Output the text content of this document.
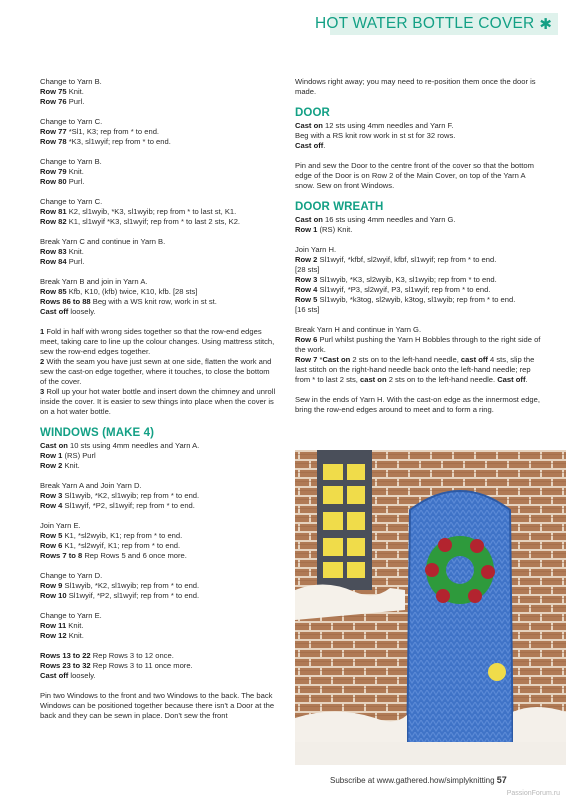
HOT WATER BOTTLE COVER ✱

Change to Yarn B.
Row 75 Knit.
Row 76 Purl.

Change to Yarn C.
Row 77 *Sl1, K3; rep from * to end.
Row 78 *K3, sl1wyif; rep from * to end.

Change to Yarn B.
Row 79 Knit.
Row 80 Purl.

Change to Yarn C.
Row 81 K2, sl1wyib, *K3, sl1wyib; rep from * to last st, K1.
Row 82 K1, sl1wyif *K3, sl1wyif; rep from * to last 2 sts, K2.

Break Yarn C and continue in Yarn B.
Row 83 Knit.
Row 84 Purl.

Break Yarn B and join in Yarn A.
Row 85 Kfb, K10, (kfb) twice, K10, kfb. [28 sts]
Rows 86 to 88 Beg with a WS knit row, work in st st.
Cast off loosely.

1 Fold in half with wrong sides together so that the row-end edges meet, taking care to line up the colour changes. Using mattress stitch, sew the row-end edges together.
2 With the seam you have just sewn at one side, flatten the work and sew the cast-on edge together, where it touches, to close the bottom of the cover.
3 Roll up your hot water bottle and insert down the chimney and unroll inside the cover. It is easier to sew things into place when the cover is on a hot water bottle.

WINDOWS (MAKE 4)

Cast on 10 sts using 4mm needles and Yarn A.
Row 1 (RS) Purl
Row 2 Knit.

Break Yarn A and Join Yarn D.
Row 3 Sl1wyib, *K2, sl1wyib; rep from * to end.
Row 4 Sl1wyif, *P2, sl1wyif; rep from * to end.

Join Yarn E.
Row 5 K1, *sl2wyib, K1; rep from * to end.
Row 6 K1, *sl2wyif, K1; rep from * to end.
Rows 7 to 8 Rep Rows 5 and 6 once more.

Change to Yarn D.
Row 9 Sl1wyib, *K2, sl1wyib; rep from * to end.
Row 10 Sl1wyif, *P2, sl1wyif; rep from * to end.

Change to Yarn E.
Row 11 Knit.
Row 12 Knit.

Rows 13 to 22 Rep Rows 3 to 12 once.
Rows 23 to 32 Rep Rows 3 to 11 once more.
Cast off loosely.

Pin two Windows to the front and two Windows to the back. The back Windows can be positioned together because there isn't a Door at the back and they can be sewn in place. Don't sew the front

Windows right away; you may need to re-position them once the door is made.

DOOR

Cast on 12 sts using 4mm needles and Yarn F.
Beg with a RS knit row work in st st for 32 rows.
Cast off.

Pin and sew the Door to the centre front of the cover so that the bottom edge of the Door is on Row 2 of the Main Cover, on top of the Yarn A snow. Sew on front Windows.

DOOR WREATH

Cast on 16 sts using 4mm needles and Yarn G.
Row 1 (RS) Knit.

Join Yarn H.
Row 2 Sl1wyif, *kfbf, sl2wyif, kfbf, sl1wyif; rep from * to end.
[28 sts]
Row 3 Sl1wyib, *K3, sl2wyib, K3, sl1wyib; rep from * to end.
Row 4 Sl1wyif, *P3, sl2wyif, P3, sl1wyif; rep from * to end.
Row 5 Sl1wyib, *k3tog, sl2wyib, k3tog, sl1wyib; rep from * to end.
[16 sts]

Break Yarn H and continue in Yarn G.
Row 6 Purl whilst pushing the Yarn H Bobbles through to the right side of the work.
Row 7 *Cast on 2 sts on to the left-hand needle, cast off 4 sts, slip the last stitch on the right-hand needle back onto the left-hand needle; rep from * to last 2 sts, cast on 2 sts on to the left-hand needle. Cast off.

Sew in the ends of Yarn H. With the cast-on edge as the innermost edge, bring the row-end edges around to meet and to form a ring.

Subscribe at www.gathered.how/simplyknitting 57
PassionForum.ru
